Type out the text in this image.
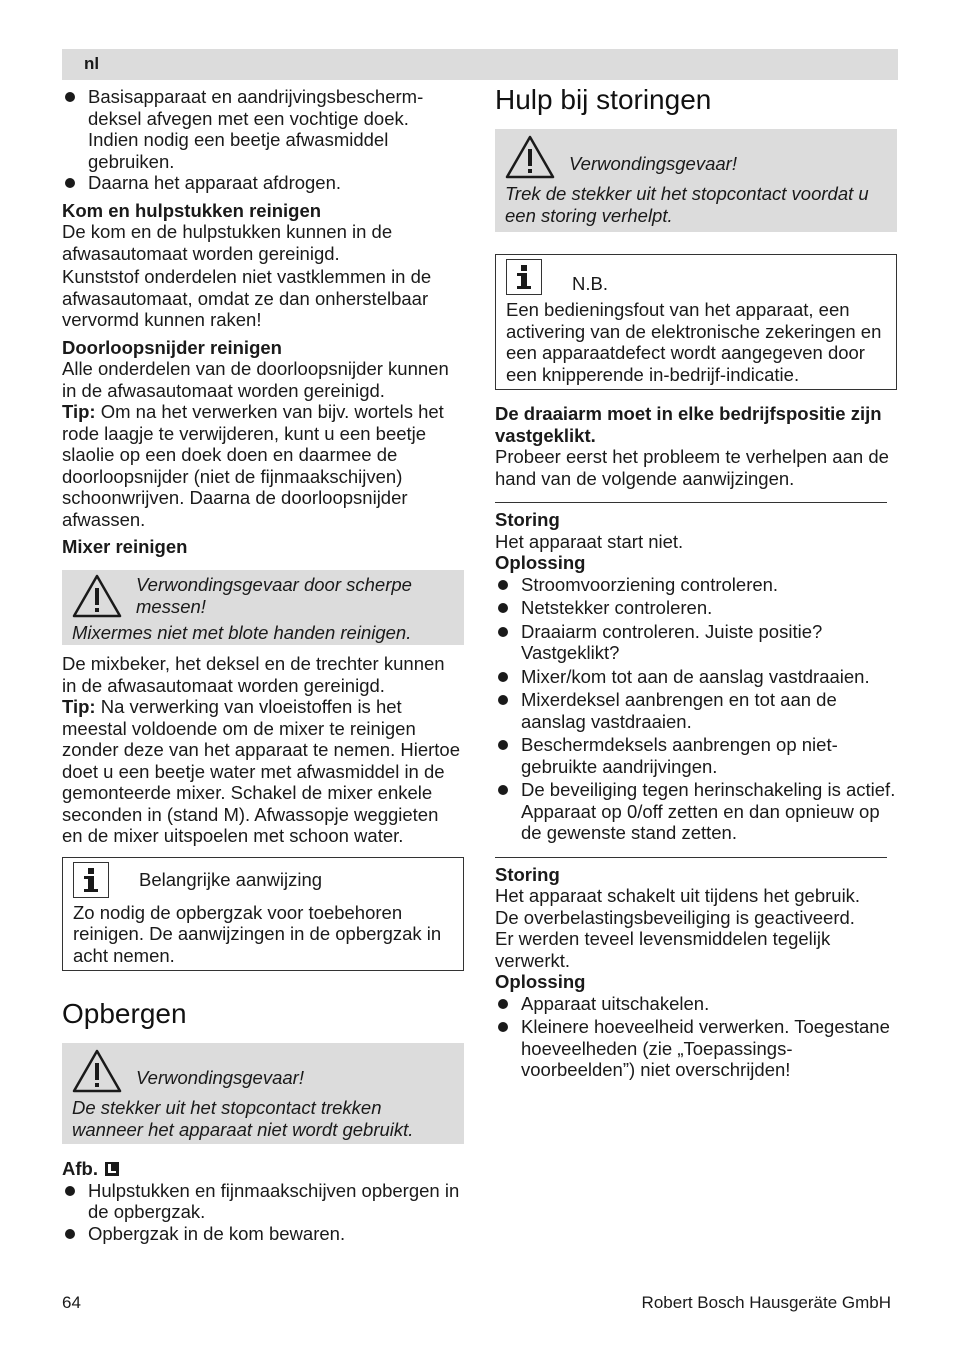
nl
Basisapparaat en aandrijvingsbescherm-deksel afvegen met een vochtige doek. Indien nodig een beetje afwasmiddel gebruiken.
Daarna het apparaat afdrogen.

Kom en hulpstukken reinigen

De kom en de hulpstukken kunnen in de afwasautomaat worden gereinigd.

Kunststof onderdelen niet vastklemmen in de afwasautomaat, omdat ze dan onherstelbaar vervormd kunnen raken!

Doorloopsnijder reinigen

Alle onderdelen van de doorloopsnijder kunnen in de afwasautomaat worden gereinigd.

Tip: Om na het verwerken van bijv. wortels het rode laagje te verwijderen, kunt u een beetje slaolie op een doek doen en daarmee de doorloopsnijder (niet de fijnmaakschijven) schoonwrijven. Daarna de doorloopsnijder afwassen.

Mixer reinigen

Verwondingsgevaar door scherpe messen!
Mixermes niet met blote handen reinigen.

De mixbeker, het deksel en de trechter kunnen in de afwasautomaat worden gereinigd.

Tip: Na verwerking van vloeistoffen is het meestal voldoende om de mixer te reinigen zonder deze van het apparaat te nemen. Hiertoe doet u een beetje water met afwasmiddel in de gemonteerde mixer. Schakel de mixer enkele seconden in (stand M). Afwassopje weggieten en de mixer uitspoelen met schoon water.

Belangrijke aanwijzing
Zo nodig de opbergzak voor toebehoren reinigen. De aanwijzingen in de opbergzak in acht nemen.
Opbergen
Verwondingsgevaar!
De stekker uit het stopcontact trekken wanneer het apparaat niet wordt gebruikt.

Afb.

Hulpstukken en fijnmaakschijven opbergen in de opbergzak.
Opbergzak in de kom bewaren.
Hulp bij storingen
Verwondingsgevaar!
Trek de stekker uit het stopcontact voordat u een storing verhelpt.
N.B.
Een bedieningsfout van het apparaat, een activering van de elektronische zekeringen en een apparaatdefect wordt aangegeven door een knipperende in-bedrijf-indicatie.

De draaiarm moet in elke bedrijfspositie zijn vastgeklikt.

Probeer eerst het probleem te verhelpen aan de hand van de volgende aanwijzingen.

Storing

Het apparaat start niet.

Oplossing

Stroomvoorziening controleren.
Netstekker controleren.
Draaiarm controleren. Juiste positie? Vastgeklikt?
Mixer/kom tot aan de aanslag vastdraaien.
Mixerdeksel aanbrengen en tot aan de aanslag vastdraaien.
Beschermdeksels aanbrengen op niet-gebruikte aandrijvingen.
De beveiliging tegen herinschakeling is actief. Apparaat op 0/off zetten en dan opnieuw op de gewenste stand zetten.

Storing

Het apparaat schakelt uit tijdens het gebruik.

De overbelastingsbeveiliging is geactiveerd.

Er werden teveel levensmiddelen tegelijk verwerkt.

Oplossing

Apparaat uitschakelen.
Kleinere hoeveelheid verwerken. Toegestane hoeveelheden (zie „Toepassings-voorbeelden”) niet overschrijden!
64	Robert Bosch Hausgeräte GmbH
